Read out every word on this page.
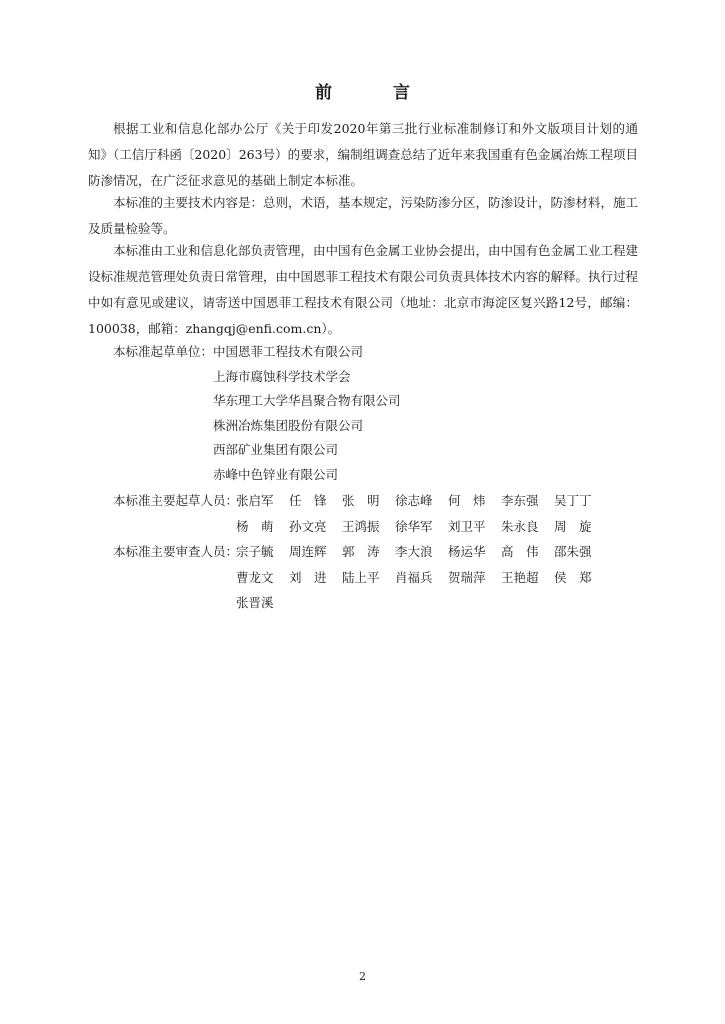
前　言

根据工业和信息化部办公厅《关于印发2020年第三批行业标准制修订和外文版项目计划的通知》（工信厅科函〔2020〕263号）的要求，编制组调查总结了近年来我国重有色金属冶炼工程项目防渗情况，在广泛征求意见的基础上制定本标准。

本标准的主要技术内容是：总则，术语，基本规定，污染防渗分区，防渗设计，防渗材料，施工及质量检验等。

本标准由工业和信息化部负责管理，由中国有色金属工业协会提出，由中国有色金属工业工程建设标准规范管理处负责日常管理，由中国恩菲工程技术有限公司负责具体技术内容的解释。执行过程中如有意见或建议，请寄送中国恩菲工程技术有限公司（地址：北京市海淀区复兴路12号，邮编：100038，邮箱：zhangqj@enfi.com.cn）。

本标准起草单位： 中国恩菲工程技术有限公司
上海市腐蚀科学技术学会
华东理工大学华昌聚合物有限公司
株洲冶炼集团股份有限公司
西部矿业集团有限公司
赤峰中色锌业有限公司
本标准主要起草人员：
张启军	任　锋	张　明	徐志峰	何　炜	李东强	吴丁丁
杨　萌	孙文亮	王鸿振	徐华军	刘卫平	朱永良	周　旋
本标准主要审查人员：
宗子毓	周连辉	郭　涛	李大浪	杨运华	高　伟	邵朱强
曹龙文	刘　进	陆上平	肖福兵	贺瑞萍	王艳超	侯　郑
张晋溪
2
